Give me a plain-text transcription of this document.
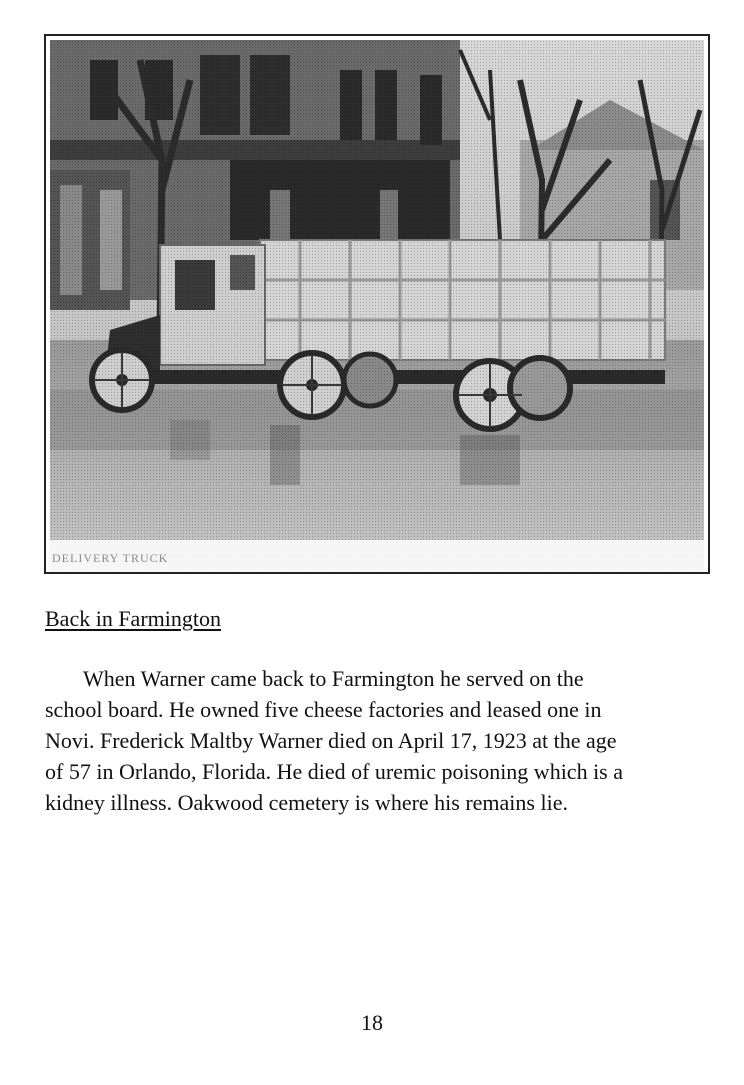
DELIVERY TRUCK
Back in Farmington

When Warner came back to Farmington he served on the
school board. He owned five cheese factories and leased one in
Novi. Frederick Maltby Warner died on April 17, 1923 at the age
of 57 in Orlando, Florida. He died of uremic poisoning which is a
kidney illness. Oakwood cemetery is where his remains lie.

18
